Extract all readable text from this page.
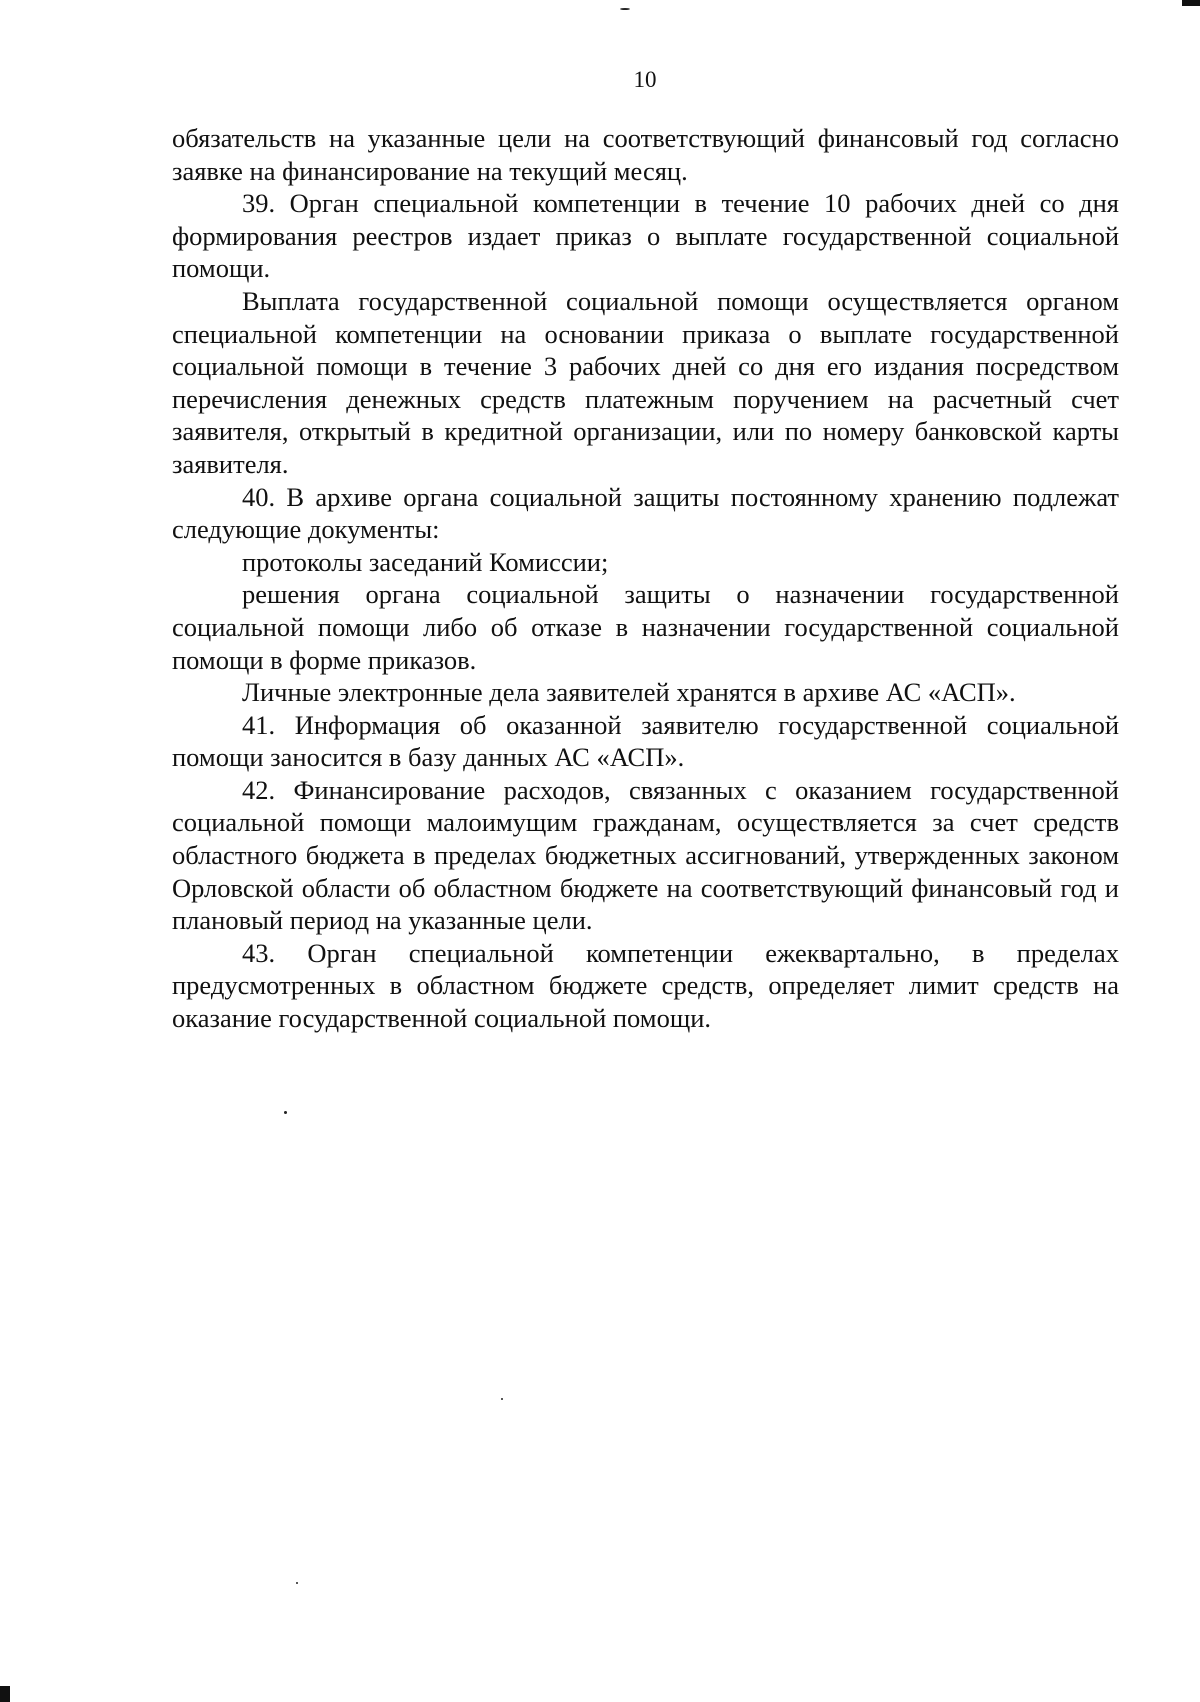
10

обязательств на указанные цели на соответствующий финансовый год согласно заявке на финансирование на текущий месяц.

39. Орган специальной компетенции в течение 10 рабочих дней со дня формирования реестров издает приказ о выплате государственной социальной помощи.

Выплата государственной социальной помощи осуществляется органом специальной компетенции на основании приказа о выплате государственной социальной помощи в течение 3 рабочих дней со дня его издания посредством перечисления денежных средств платежным поручением на расчетный счет заявителя, открытый в кредитной организации, или по номеру банковской карты заявителя.

40. В архиве органа социальной защиты постоянному хранению подлежат следующие документы:

протоколы заседаний Комиссии;

решения органа социальной защиты о назначении государственной социальной помощи либо об отказе в назначении государственной социальной помощи в форме приказов.

Личные электронные дела заявителей хранятся в архиве АС «АСП».

41. Информация об оказанной заявителю государственной социальной помощи заносится в базу данных АС «АСП».

42. Финансирование расходов, связанных с оказанием государственной социальной помощи малоимущим гражданам, осуществляется за счет средств областного бюджета в пределах бюджетных ассигнований, утвержденных законом Орловской области об областном бюджете на соответствующий финансовый год и плановый период на указанные цели.

43. Орган специальной компетенции ежеквартально, в пределах предусмотренных в областном бюджете средств, определяет лимит средств на оказание государственной социальной помощи.
